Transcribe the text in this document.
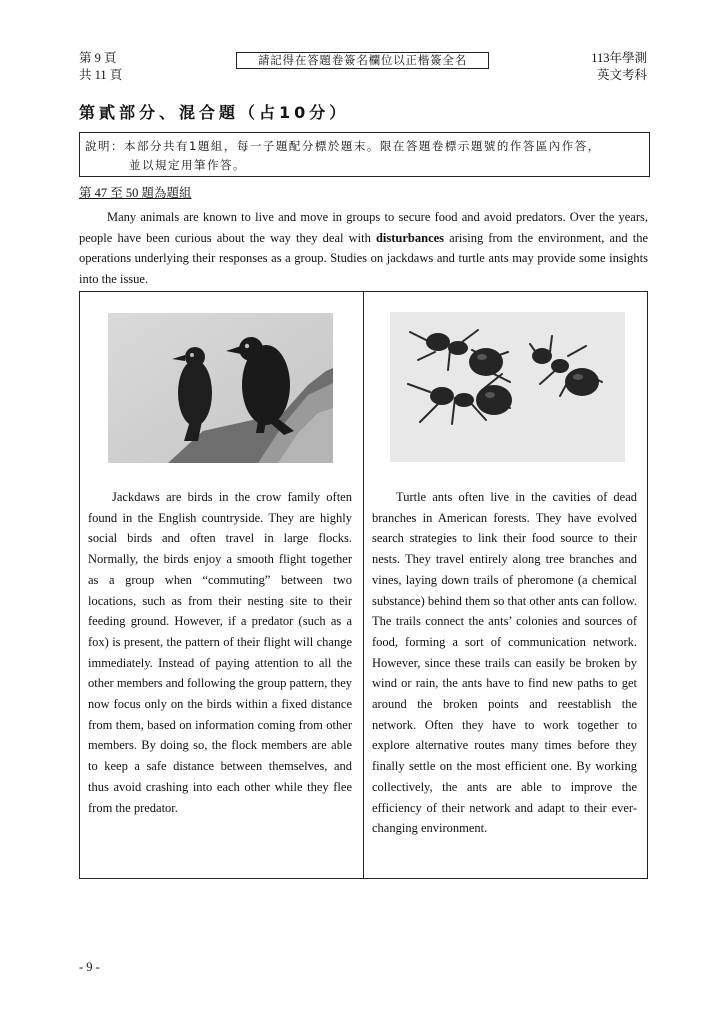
第 9 頁
共 11 頁
請記得在答題卷簽名欄位以正楷簽全名	113年學測
英文考科
第貳部分、混合題（占10分）
說明：本部分共有1題組，每一子題配分標於題末。限在答題卷標示題號的作答區內作答，
並以規定用筆作答。
第 47 至 50 題為題組
Many animals are known to live and move in groups to secure food and avoid predators. Over the years, people have been curious about the way they deal with disturbances arising from the environment, and the operations underlying their responses as a group. Studies on jackdaws and turtle ants may provide some insights into the issue.
Jackdaws are birds in the crow family often found in the English countryside. They are highly social birds and often travel in large flocks. Normally, the birds enjoy a smooth flight together as a group when “commuting” between two locations, such as from their nesting site to their feeding ground. However, if a predator (such as a fox) is present, the pattern of their flight will change immediately. Instead of paying attention to all the other members and following the group pattern, they now focus only on the birds within a fixed distance from them, based on information coming from other members. By doing so, the flock members are able to keep a safe distance between themselves, and thus avoid crashing into each other while they flee from the predator.
Turtle ants often live in the cavities of dead branches in American forests. They have evolved search strategies to link their food source to their nests. They travel entirely along tree branches and vines, laying down trails of pheromone (a chemical substance) behind them so that other ants can follow. The trails connect the ants’ colonies and sources of food, forming a sort of communication network. However, since these trails can easily be broken by wind or rain, the ants have to find new paths to get around the broken points and reestablish the network. Often they have to work together to explore alternative routes many times before they finally settle on the most efficient one. By working collectively, the ants are able to improve the efficiency of their network and adapt to their ever-changing environment.
- 9 -
